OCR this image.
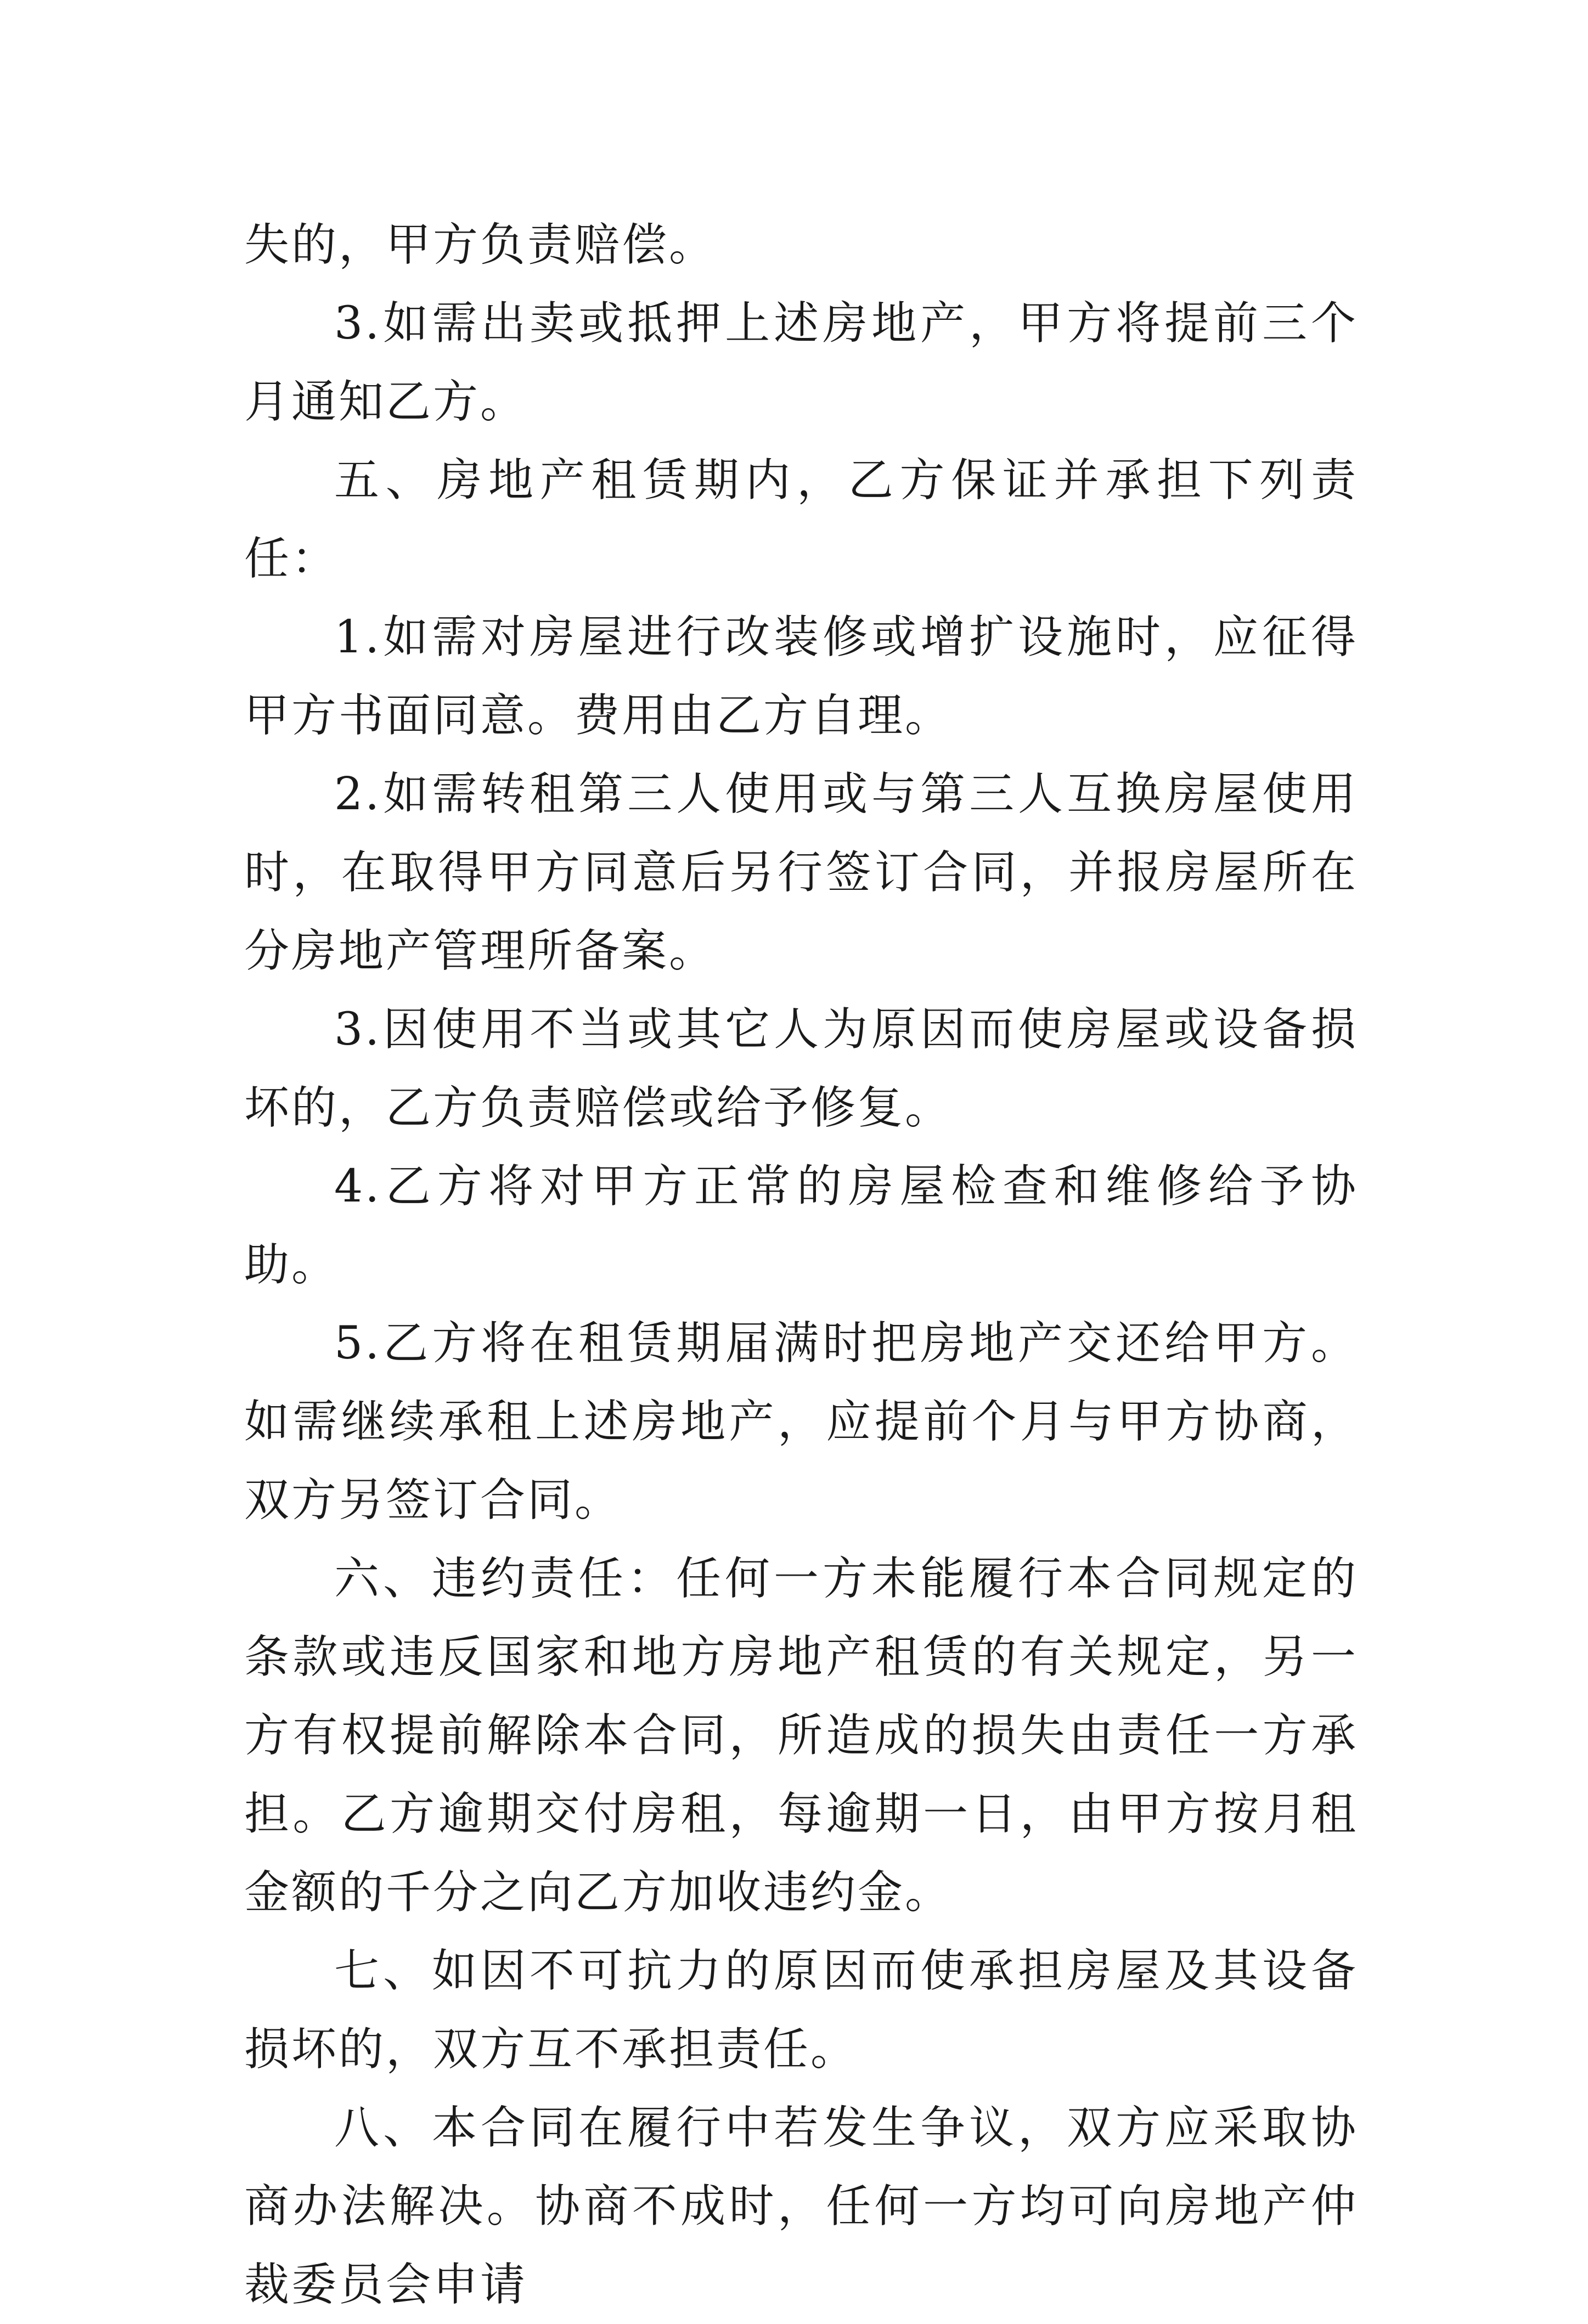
失的，甲方负责赔偿。

3.如需出卖或抵押上述房地产，甲方将提前三个月通知乙方。

五、房地产租赁期内，乙方保证并承担下列责任：

1.如需对房屋进行改装修或增扩设施时，应征得甲方书面同意。费用由乙方自理。

2.如需转租第三人使用或与第三人互换房屋使用时，在取得甲方同意后另行签订合同，并报房屋所在分房地产管理所备案。

3.因使用不当或其它人为原因而使房屋或设备损坏的，乙方负责赔偿或给予修复。

4.乙方将对甲方正常的房屋检查和维修给予协助。

5.乙方将在租赁期届满时把房地产交还给甲方。如需继续承租上述房地产，应提前个月与甲方协商，双方另签订合同。

六、违约责任：任何一方未能履行本合同规定的条款或违反国家和地方房地产租赁的有关规定，另一方有权提前解除本合同，所造成的损失由责任一方承担。乙方逾期交付房租，每逾期一日，由甲方按月租金额的千分之向乙方加收违约金。

七、如因不可抗力的原因而使承担房屋及其设备损坏的，双方互不承担责任。

八、本合同在履行中若发生争议，双方应采取协商办法解决。协商不成时，任何一方均可向房地产仲裁委员会申请
